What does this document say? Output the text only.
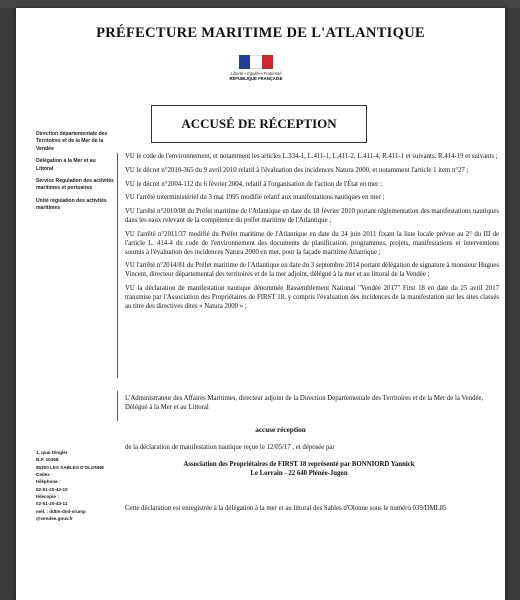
PRÉFECTURE MARITIME DE L'ATLANTIQUE
Liberté • Égalité • Fraternité
RÉPUBLIQUE FRANÇAISE
ACCUSÉ DE RÉCEPTION

Direction départementale des Territoires et de la Mer de la Vendée

Délégation à la Mer et au Littoral

Service Régulation des activités maritimes et portuaires

Unité régulation des activités maritimes

1, quai Dingler
B.P. 10358
85300 LES SABLES D'OLONNE Cedex
téléphone :
02-51-20-42-10
télécopie :
02-51-20-43-11
mél. : ddtm-dml-srump
@vendee.gouv.fr

VU le code de l'environnement, et notamment les articles L.334-1, L.411-1, L.411-2, L.411-4, R.411-1 et suivants, R.414-19 et suivants ;

VU le décret n°2010-365 du 9 avril 2010 relatif à l'évaluation des incidences Natura 2000, et notamment l'article 1 item n°27 ;

VU le décret n°2004-112 du 6 février 2004, relatif à l'organisation de l'action de l'État en mer ;

VU l'arrêté interministériel du 3 mai 1995 modifié relatif aux manifestations nautiques en mer ;

VU l'arrêté n°2010/08 du Préfet maritime de l'Atlantique en date du 18 février 2010 portant réglementation des manifestations nautiques dans les eaux relevant de la compétence du préfet maritime de l'Atlantique ;

VU l'arrêté n°2011/37 modifié du Préfet maritime de l'Atlantique en date du 24 juin 2011 fixant la liste locale prévue au 2° du III de l'article L. 414-4 du code de l'environnement des documents de planification, programmes, projets, manifestations et interventions soumis à l'évaluation des incidences Natura 2000 en mer, pour la façade maritime Atlantique ;

VU l'arrêté n°2014/81 du Préfet maritime de l'Atlantique en date du 3 septembre 2014 portant délégation de signature à monsieur Hugues Vincent, directeur départemental des territoires et de la mer adjoint, délégué à la mer et au littoral de la Vendée ;

VU la déclaration de manifestation nautique dénommée Rassemblement National "Vendée 2017" First 18 en date du 25 avril 2017 transmise par l'Association des Propriétaires de FIRST 18, y compris l'évaluation des incidences de la manifestation sur les sites classés au titre des directives dites « Natura 2000 » ;

L'Administrateur des Affaires Maritimes, directeur adjoint de la Direction Départementale des Territoires et de la Mer de la Vendée, Délégué à la Mer et au Littoral
accuse réception
de la déclaration de manifestation nautique reçue le 12/05/17 , et déposée par
Association des Propriétaires de FIRST 18 représenté par BONNIORD Yannick
Le Lorrain - 22 640 Plénée-Jugon
Cette déclaration est enregistrée à la délégation à la mer et au littoral des Sables d'Olonne sous le numéro 039/DML85
